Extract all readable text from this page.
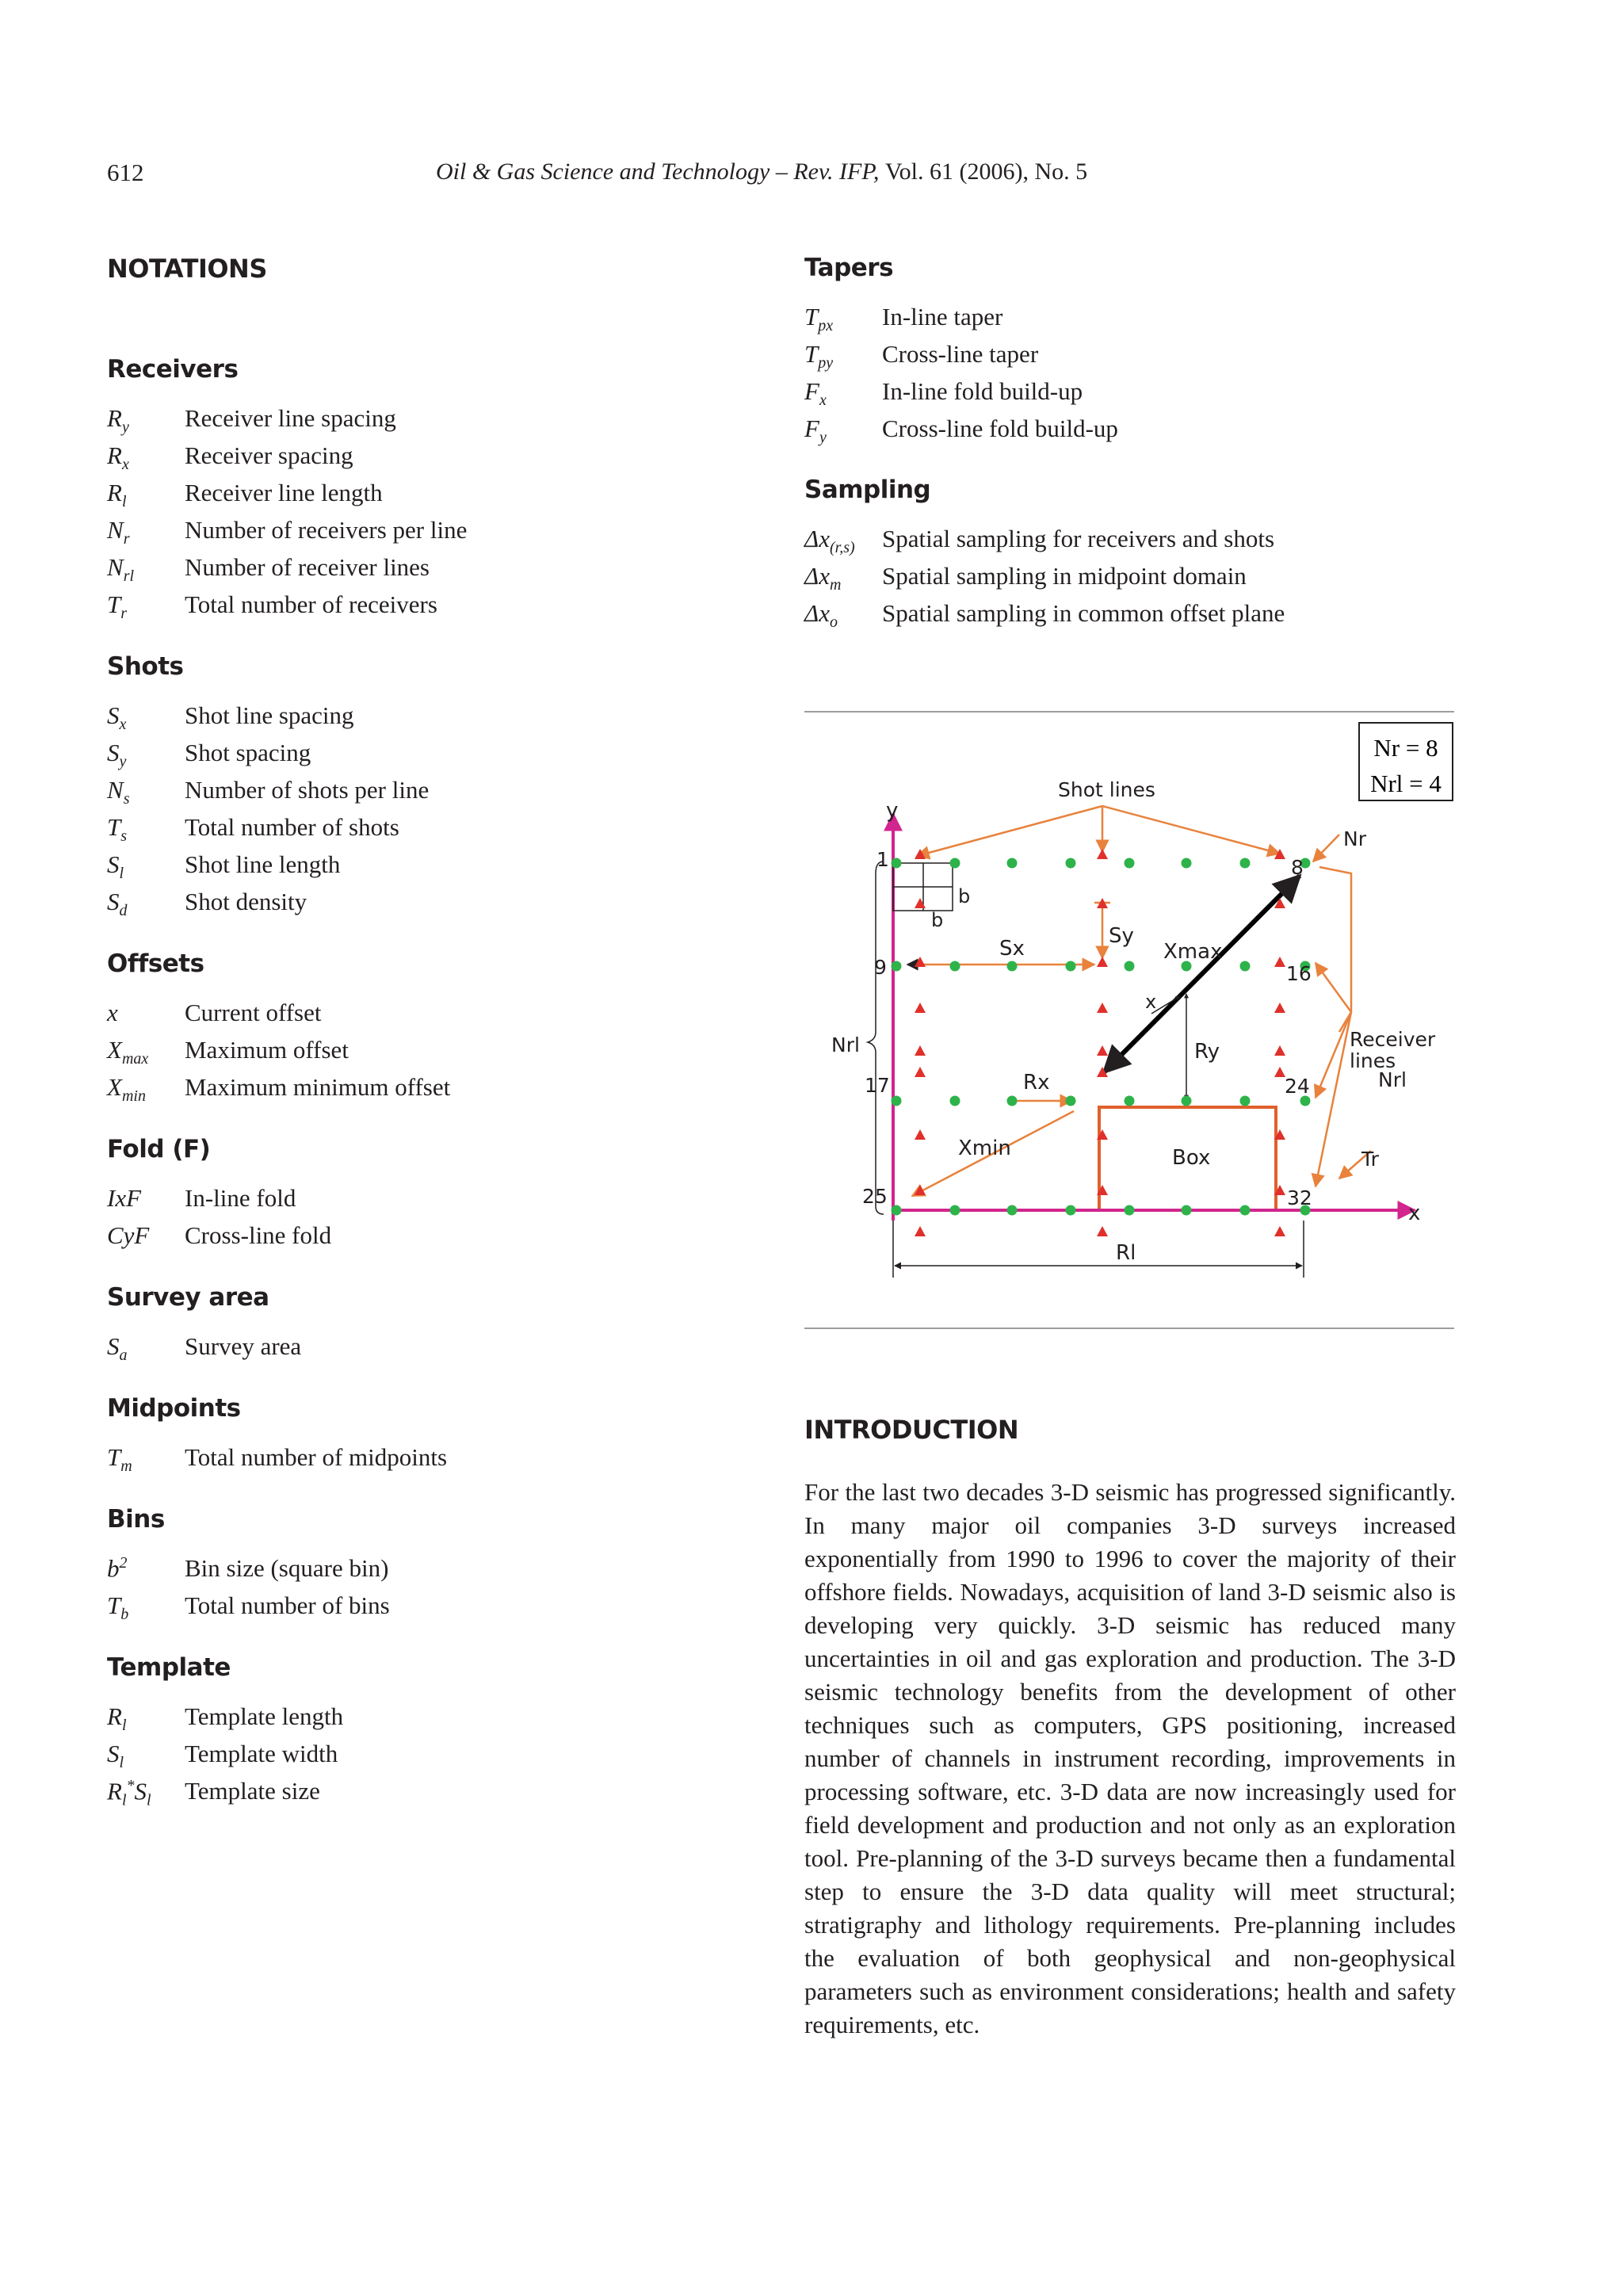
612	Oil & Gas Science and Technology – Rev. IFP, Vol. 61 (2006), No. 5
NOTATIONS
Receivers
$R_y$	Receiver line spacing
$R_x$	Receiver spacing
$R_l$	Receiver line length
$N_r$	Number of receivers per line
$N_{rl}$	Number of receiver lines
$T_r$	Total number of receivers
Shots
$S_x$	Shot line spacing
$S_y$	Shot spacing
$N_s$	Number of shots per line
$T_s$	Total number of shots
$S_l$	Shot line length
$S_d$	Shot density
Offsets
x	Current offset
$X_{max}$	Maximum offset
$X_{min}$	Maximum minimum offset
Fold (F)
IxF	In-line fold
CyF	Cross-line fold
Survey area
$S_a$	Survey area
Midpoints
$T_m$	Total number of midpoints
Bins
$b^2$	Bin size (square bin)
$T_b$	Total number of bins
Template
$R_l$	Template length
$S_l$	Template width
$R_l^*S_l$	Template size
Tapers
$T_{px}$	In-line taper
$T_{py}$	Cross-line taper
$F_x$	In-line fold build-up
$F_y$	Cross-line fold build-up
Sampling
$\Delta x_{(r,s)}$	Spatial sampling for receivers and shots
$\Delta x_m$	Spatial sampling in midpoint domain
$\Delta x_o$	Spatial sampling in common offset plane
Nr = 8
Nrl = 4
Shot lines
y
x
Nr
1	8
9	16
17	24
25	32
b
b
Sx
Sy
Xmax
x
Nrl	Receiver
lines
Nrl
Ry
Rx
Xmin	Box	Tr
Rl
INTRODUCTION
For the last two decades 3-D seismic has progressed significantly. In many major oil companies 3-D surveys increased exponentially from 1990 to 1996 to cover the majority of their offshore fields. Nowadays, acquisition of land 3-D seismic also is developing very quickly. 3-D seismic has reduced many uncertainties in oil and gas exploration and production. The 3-D seismic technology benefits from the development of other techniques such as computers, GPS positioning, increased number of channels in instrument recording, improvements in processing software, etc. 3-D data are now increasingly used for field development and production and not only as an exploration tool. Pre-planning of the 3-D surveys became then a fundamental step to ensure the 3-D data quality will meet structural; stratigraphy and lithology requirements. Pre-planning includes the evaluation of both geophysical and non-geophysical parameters such as environment considerations; health and safety requirements, etc.
